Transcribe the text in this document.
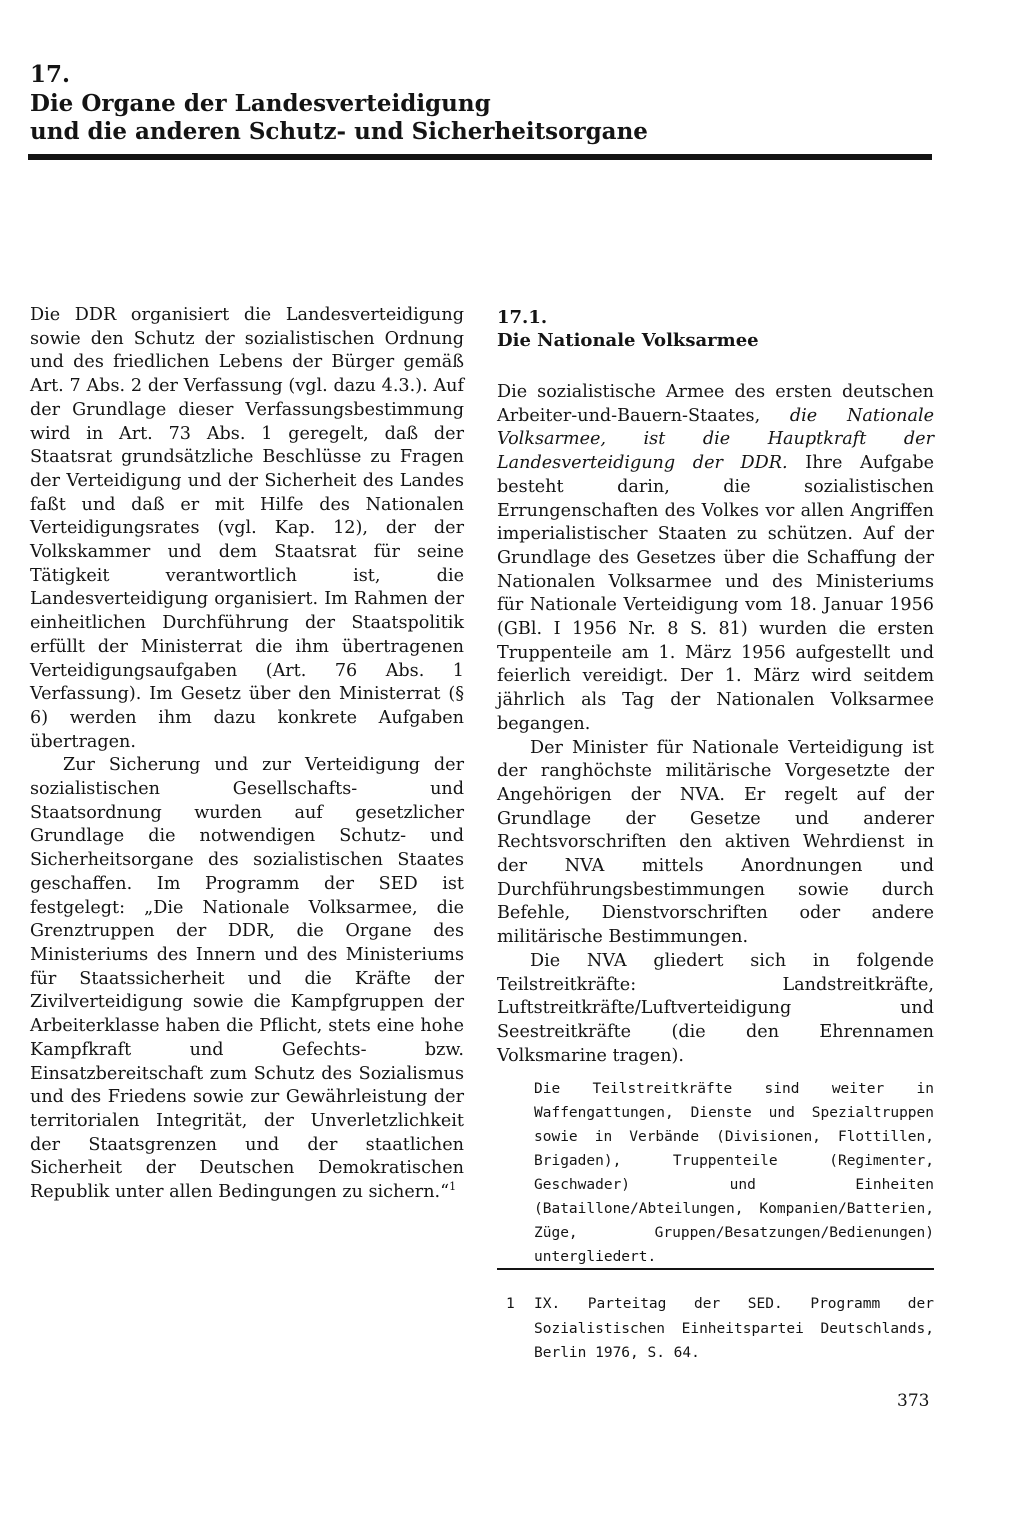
17.
Die Organe der Landesverteidigung
und die anderen Schutz- und Sicherheitsorgane

Die DDR organisiert die Landesverteidigung sowie den Schutz der sozialistischen Ordnung und des friedlichen Lebens der Bürger gemäß Art. 7 Abs. 2 der Verfassung (vgl. dazu 4.3.). Auf der Grundlage dieser Verfassungsbestimmung wird in Art. 73 Abs. 1 geregelt, daß der Staatsrat grundsätzliche Beschlüsse zu Fragen der Verteidigung und der Sicherheit des Landes faßt und daß er mit Hilfe des Nationalen Verteidigungsrates (vgl. Kap. 12), der der Volkskammer und dem Staatsrat für seine Tätigkeit verantwortlich ist, die Landesverteidigung organisiert. Im Rahmen der einheitlichen Durchführung der Staatspolitik erfüllt der Ministerrat die ihm übertragenen Verteidigungsaufgaben (Art. 76 Abs. 1 Verfassung). Im Gesetz über den Ministerrat (§ 6) werden ihm dazu konkrete Aufgaben übertragen.

Zur Sicherung und zur Verteidigung der sozialistischen Gesellschafts- und Staatsordnung wurden auf gesetzlicher Grundlage die notwendigen Schutz- und Sicherheitsorgane des sozialistischen Staates geschaffen. Im Programm der SED ist festgelegt: „Die Nationale Volksarmee, die Grenztruppen der DDR, die Organe des Ministeriums des Innern und des Ministeriums für Staatssicherheit und die Kräfte der Zivilverteidigung sowie die Kampfgruppen der Arbeiterklasse haben die Pflicht, stets eine hohe Kampfkraft und Gefechts- bzw. Einsatzbereitschaft zum Schutz des Sozialismus und des Friedens sowie zur Gewährleistung der territorialen Integrität, der Unverletzlichkeit der Staatsgrenzen und der staatlichen Sicherheit der Deutschen Demokratischen Republik unter allen Bedingungen zu sichern.“$^1$

17.1.
Die Nationale Volksarmee

Die sozialistische Armee des ersten deutschen Arbeiter-und-Bauern-Staates, die Nationale Volksarmee, ist die Hauptkraft der Landesverteidigung der DDR. Ihre Aufgabe besteht darin, die sozialistischen Errungenschaften des Volkes vor allen Angriffen imperialistischer Staaten zu schützen. Auf der Grundlage des Gesetzes über die Schaffung der Nationalen Volksarmee und des Ministeriums für Nationale Verteidigung vom 18. Januar 1956 (GBl. I 1956 Nr. 8 S. 81) wurden die ersten Truppenteile am 1. März 1956 aufgestellt und feierlich vereidigt. Der 1. März wird seitdem jährlich als Tag der Nationalen Volksarmee begangen.

Der Minister für Nationale Verteidigung ist der ranghöchste militärische Vorgesetzte der Angehörigen der NVA. Er regelt auf der Grundlage der Gesetze und anderer Rechtsvorschriften den aktiven Wehrdienst in der NVA mittels Anordnungen und Durchführungsbestimmungen sowie durch Befehle, Dienstvorschriften oder andere militärische Bestimmungen.

Die NVA gliedert sich in folgende Teilstreitkräfte: Landstreitkräfte, Luftstreitkräfte/Luftverteidigung und Seestreitkräfte (die den Ehrennamen Volksmarine tragen).

Die Teilstreitkräfte sind weiter in Waffengattungen, Dienste und Spezialtruppen sowie in Verbände (Divisionen, Flottillen, Brigaden), Truppenteile (Regimenter, Geschwader) und Einheiten (Bataillone/Abteilungen, Kompanien/Batterien, Züge, Gruppen/Besatzungen/Bedienungen) untergliedert.

1 IX. Parteitag der SED. Programm der Sozialistischen Einheitspartei Deutschlands, Berlin 1976, S. 64.

373
